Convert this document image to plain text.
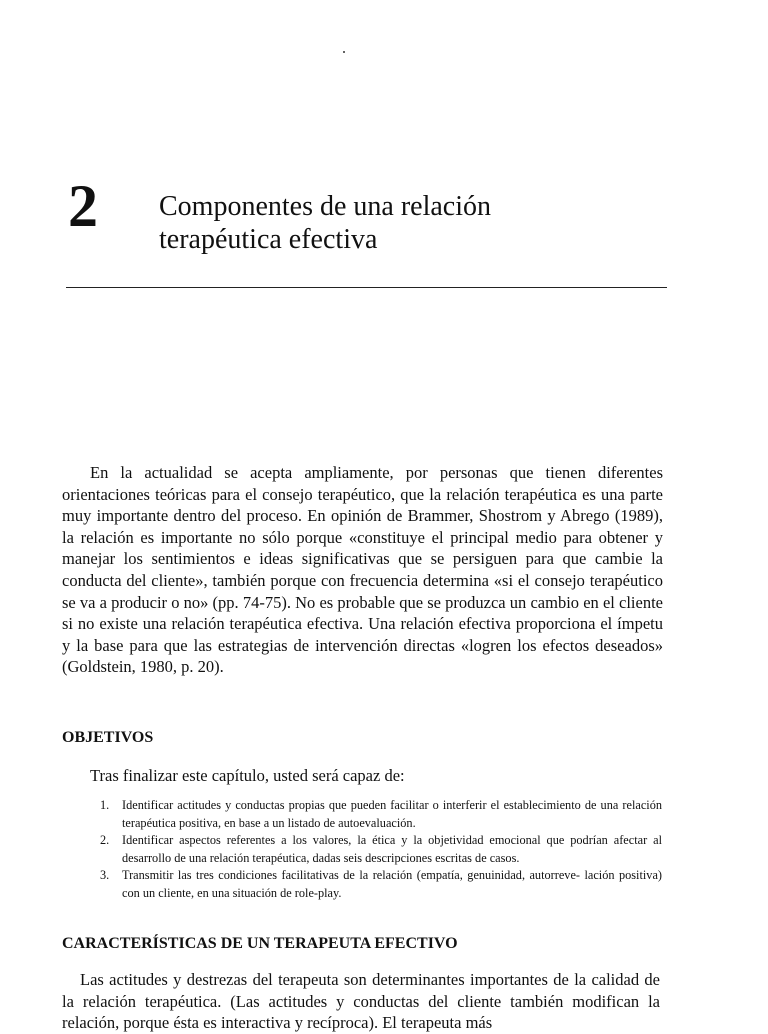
2 Componentes de una relación
terapéutica efectiva

En la actualidad se acepta ampliamente, por personas que tienen diferentes orientaciones teóricas para el consejo terapéutico, que la relación terapéutica es una parte muy importante dentro del proceso. En opinión de Brammer, Shostrom y Abrego (1989), la relación es importante no sólo porque «constituye el principal medio para obtener y manejar los sentimientos e ideas significativas que se persiguen para que cambie la conducta del cliente», también porque con frecuencia determina «si el consejo terapéutico se va a producir o no» (pp. 74-75). No es probable que se produzca un cambio en el cliente si no existe una relación terapéutica efectiva. Una relación efectiva proporciona el ímpetu y la base para que las estrategias de intervención directas «logren los efectos deseados» (Goldstein, 1980, p. 20).

OBJETIVOS

Tras finalizar este capítulo, usted será capaz de:

1. Identificar actitudes y conductas propias que pueden facilitar o interferir el establecimiento de una relación terapéutica positiva, en base a un listado de autoevaluación.
2. Identificar aspectos referentes a los valores, la ética y la objetividad emocional que podrían afectar al desarrollo de una relación terapéutica, dadas seis descripciones escritas de casos.
3. Transmitir las tres condiciones facilitativas de la relación (empatía, genuinidad, autorreve- lación positiva) con un cliente, en una situación de role-play.
CARACTERÍSTICAS DE UN TERAPEUTA EFECTIVO

Las actitudes y destrezas del terapeuta son determinantes importantes de la calidad de la relación terapéutica. (Las actitudes y conductas del cliente también modifican la relación, porque ésta es interactiva y recíproca). El terapeuta más
